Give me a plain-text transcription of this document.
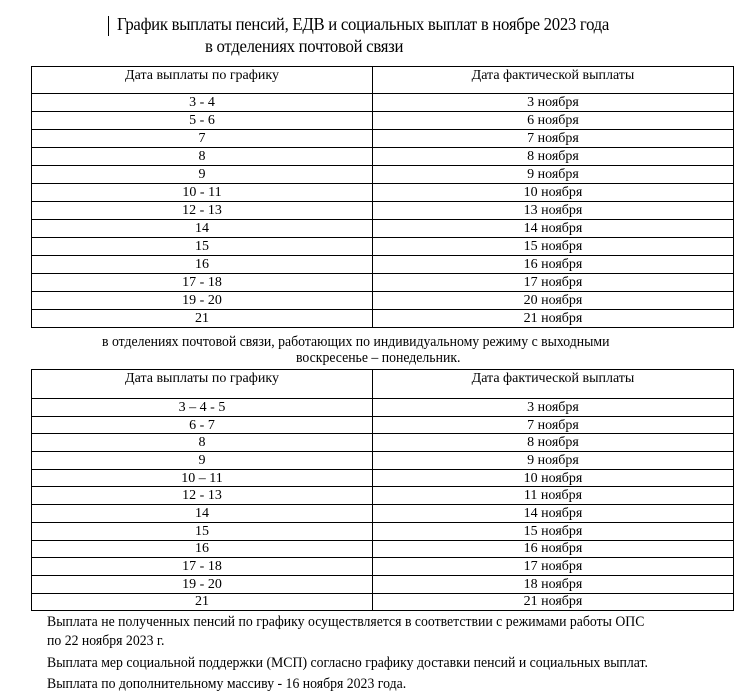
График выплаты пенсий, ЕДВ и социальных выплат в ноябре 2023 года
в отделениях почтовой связи
Дата выплаты по графику	Дата фактической выплаты
3 - 4	3 ноября
5 - 6	6 ноября
7	7 ноября
8	8 ноября
9	9 ноября
10 - 11	10 ноября
12 - 13	13 ноября
14	14 ноября
15	15 ноября
16	16 ноября
17 - 18	17 ноября
19 - 20	20 ноября
21	21 ноября
в отделениях почтовой связи, работающих по индивидуальному режиму с выходными
воскресенье – понедельник.
Дата выплаты по графику	Дата фактической выплаты
3 – 4 - 5	3 ноября
6 - 7	7 ноября
8	8 ноября
9	9 ноября
10 – 11	10 ноября
12 - 13	11 ноября
14	14 ноября
15	15 ноября
16	16 ноября
17 - 18	17 ноября
19 - 20	18 ноября
21	21 ноября
Выплата не полученных пенсий по графику осуществляется в соответствии с режимами работы ОПС
по 22 ноября 2023 г.
Выплата мер социальной поддержки (МСП) согласно графику доставки пенсий и социальных выплат.
Выплата по дополнительному массиву - 16 ноября 2023 года.
